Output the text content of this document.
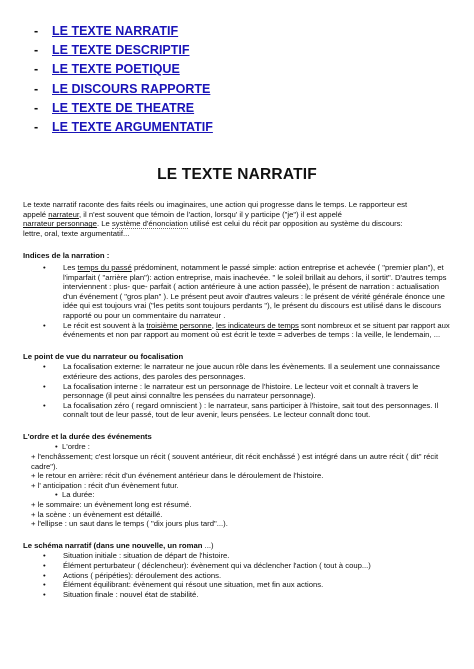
- LE TEXTE NARRATIF
- LE TEXTE DESCRIPTIF
- LE TEXTE POETIQUE
- LE DISCOURS RAPPORTE
- LE TEXTE DE THEATRE
- LE TEXTE ARGUMENTATIF
LE TEXTE NARRATIF

Le texte narratif raconte des faits réels ou imaginaires, une action qui progresse dans le temps. Le rapporteur est
appelé narrateur, il n'est souvent que témoin de l'action, lorsqu' il y participe ("je") il est appelé
narrateur personnage. Le système d'énonciation utilisé est celui du récit par opposition au système du discours:
lettre, oral, texte argumentatif...

Indices de la narration :

• Les temps du passé prédominent, notamment le passé simple: action entreprise et achevée ( "premier plan"), et l'imparfait ( "arrière plan"): action entreprise, mais inachevée. " le soleil brillait au dehors, il sortit". D'autres temps interviennent : plus- que- parfait ( action antérieure à une action passée), le présent de narration : actualisation d'un événement ( "gros plan" ). Le présent peut avoir d'autres valeurs : le présent de vérité générale énonce une idée qui est toujours vrai ("les petits sont toujours perdants "), le présent du discours est utilisé dans le discours rapporté ou pour un commentaire du narrateur .
• Le récit est souvent à la troisième personne, les indicateurs de temps sont nombreux et se situent par rapport aux événements et non par rapport au moment où est écrit le texte = adverbes de temps : la veille, le lendemain, ...

Le point de vue du narrateur ou focalisation

• La focalisation externe: le narrateur ne joue aucun rôle dans les évènements. Il a seulement une connaissance extérieure des actions, des paroles des personnages.
• La focalisation interne : le narrateur est un personnage de l'histoire. Le lecteur voit et connaît à travers le personnage (il peut ainsi connaître les pensées du narrateur personnage).
• La focalisation zéro ( regard omniscient ) : le narrateur, sans participer à l'histoire, sait tout des personnages. Il connaît tout de leur passé, tout de leur avenir, leurs pensées. Le lecteur connaît donc tout.

L'ordre et la durée des événements

•  L'ordre :
+ l'enchâssement; c'est lorsque un récit ( souvent antérieur, dit récit enchâssé ) est intégré dans un autre récit ( dit" récit cadre").
+ le retour en arrière: récit d'un événement antérieur dans le déroulement de l'histoire.
+ l' anticipation : récit d'un évènement futur.
•  La durée:
+ le sommaire: un évènement long est résumé.
+ la scène : un évènement est détaillé.
+ l'ellipse : un saut dans le temps ( "dix jours plus tard"...).

Le schéma narratif (dans une nouvelle, un roman ...)

• Situation initiale : situation de départ de l'histoire.
• Élément perturbateur ( déclencheur): évènement qui va déclencher l'action ( tout à coup...)
• Actions ( péripéties): déroulement des actions.
• Élément équilibrant: évènement qui résout une situation, met fin aux actions.
• Situation finale : nouvel état de stabilité.
